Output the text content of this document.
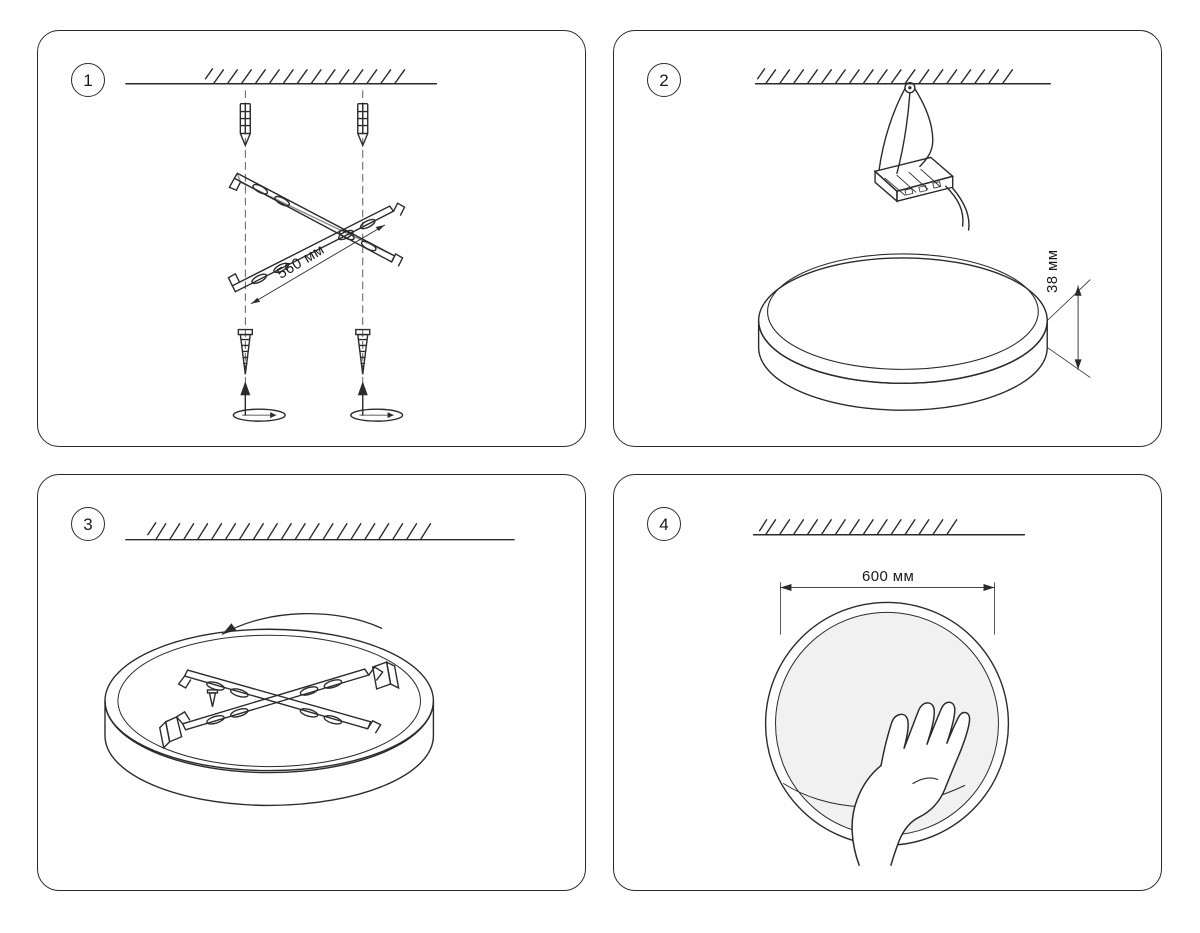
1
560 мм
2
38 мм
3	4
600 мм
